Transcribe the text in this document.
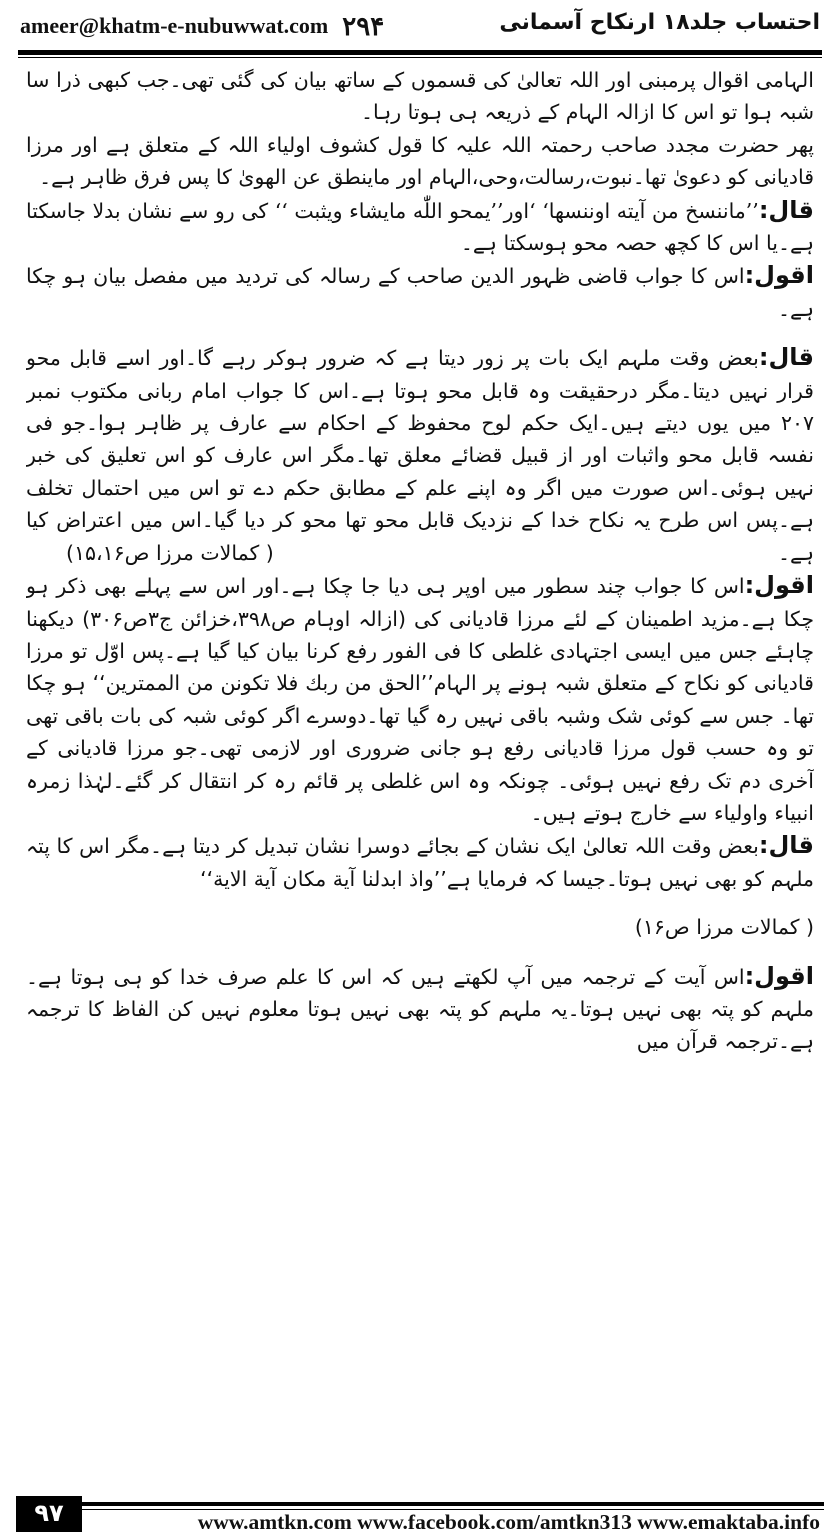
ameer@khatm-e-nubuwwat.com ۲۹۴	احتساب جلد۱۸ ارنکاح آسمانی

الہامی اقوال پرمبنی اور اللہ تعالیٰ کی قسموں کے ساتھ بیان کی گئی تھی۔جب کبھی ذرا سا شبہ ہوا تو اس کا ازالہ الہام کے ذریعہ ہی ہوتا رہا۔

پھر حضرت مجدد صاحب رحمتہ اللہ علیہ کا قول کشوف اولیاء اللہ کے متعلق ہے اور مرزا قادیانی کو دعویٰ تھا۔نبوت،رسالت،وحی،الہام اور ماینطق عن الهوىٰ کا پس فرق ظاہر ہے۔

قال:’’ماننسخ من آیته اوننسها‘ ‘اور’’یمحو اللّٰه مایشاء ویثبت ‘‘ کی رو سے نشان بدلا جاسکتا ہے۔یا اس کا کچھ حصہ محو ہوسکتا ہے۔

اقول:اس کا جواب قاضی ظہور الدین صاحب کے رسالہ کی تردید میں مفصل بیان ہو چکا ہے۔

قال:بعض وقت ملہم ایک بات پر زور دیتا ہے کہ ضرور ہوکر رہے گا۔اور اسے قابل محو قرار نہیں دیتا۔مگر درحقیقت وہ قابل محو ہوتا ہے۔اس کا جواب امام ربانی مکتوب نمبر ۲۰۷ میں یوں دیتے ہیں۔ایک حکم لوح محفوظ کے احکام سے عارف پر ظاہر ہوا۔جو فی نفسہ قابل محو واثبات اور از قبیل قضائے معلق تھا۔مگر اس عارف کو اس تعلیق کی خبر نہیں ہوئی۔اس صورت میں اگر وہ اپنے علم کے مطابق حکم دے تو اس میں احتمال تخلف ہے۔پس اس طرح یہ نکاح خدا کے نزدیک قابل محو تھا محو کر دیا گیا۔اس میں اعتراض کیا ہے۔
( کمالات مرزا ص۱۵،۱۶)

اقول:اس کا جواب چند سطور میں اوپر ہی دیا جا چکا ہے۔اور اس سے پہلے بھی ذکر ہو چکا ہے۔مزید اطمینان کے لئے مرزا قادیانی کی (ازالہ اوہام ص۳۹۸،خزائن ج۳ص۳۰۶) دیکھنا چاہئے جس میں ایسی اجتہادی غلطی کا فی الفور رفع کرنا بیان کیا گیا ہے۔پس اوّل تو مرزا قادیانی کو نکاح کے متعلق شبہ ہونے پر الہام’’الحق من ربك فلا تكونن من الممترين‘‘ ہو چکا تھا۔ جس سے کوئی شک وشبہ باقی نہیں رہ گیا تھا۔دوسرے اگر کوئی شبہ کی بات باقی تھی تو وہ حسب قول مرزا قادیانی رفع ہو جانی ضروری اور لازمی تھی۔جو مرزا قادیانی کے آخری دم تک رفع نہیں ہوئی۔ چونکہ وہ اس غلطی پر قائم رہ کر انتقال کر گئے۔لہٰذا زمرہ انبیاء واولیاء سے خارج ہوتے ہیں۔

قال:بعض وقت اللہ تعالیٰ ایک نشان کے بجائے دوسرا نشان تبدیل کر دیتا ہے۔مگر اس کا پتہ ملہم کو بھی نہیں ہوتا۔جیسا کہ فرمایا ہے’’واذ ابدلنا آیة مكان آیة الایة‘‘

( کمالات مرزا ص۱۶)

اقول:اس آیت کے ترجمہ میں آپ لکھتے ہیں کہ اس کا علم صرف خدا کو ہی ہوتا ہے۔ ملہم کو پتہ بھی نہیں ہوتا۔یہ ملہم کو پتہ بھی نہیں ہوتا معلوم نہیں کن الفاظ کا ترجمہ ہے۔ترجمہ قرآن میں

۹۷	www.amtkn.com www.facebook.com/amtkn313 www.emaktaba.info
